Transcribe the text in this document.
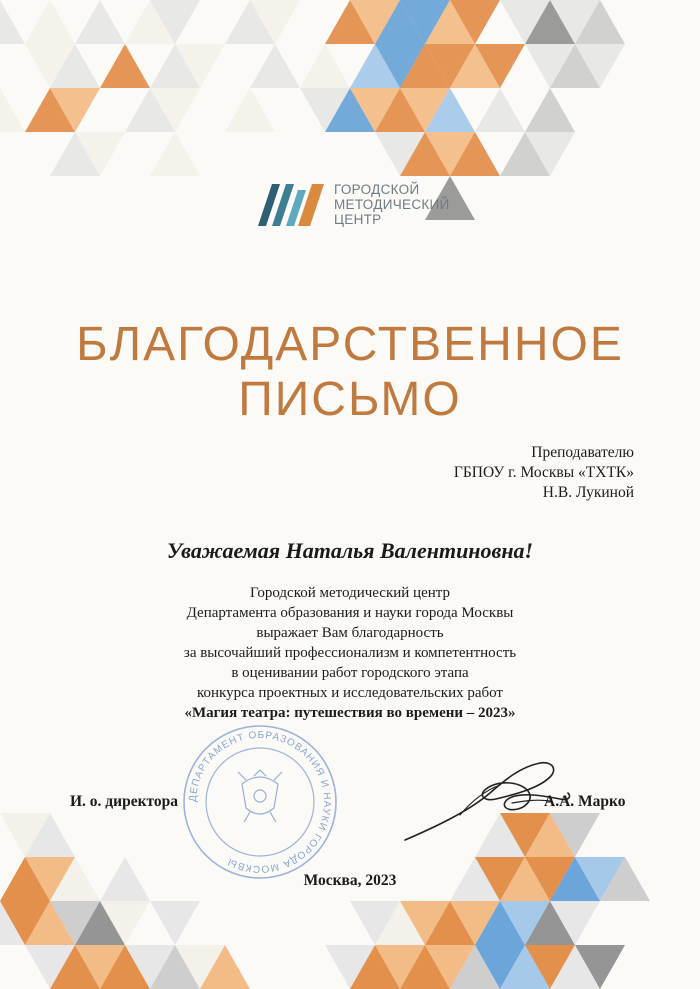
ГОРОДСКОЙ
МЕТОДИЧЕСКИЙ
ЦЕНТР
БЛАГОДАРСТВЕННОЕ
ПИСЬМО
Преподавателю
ГБПОУ г. Москвы «ТХТК»
Н.В. Лукиной
Уважаемая Наталья Валентиновна!
Городской методический центр
Департамента образования и науки города Москвы
выражает Вам благодарность
за высочайший профессионализм и компетентность
в оценивании работ городского этапа
конкурса проектных и исследовательских работ
«Магия театра: путешествия во времени – 2023»
ДЕПАРТАМЕНТ ОБРАЗОВАНИЯ И НАУКИ ГОРОДА МОСКВЫ
И. о. директора	А.А. Марко
Москва, 2023
